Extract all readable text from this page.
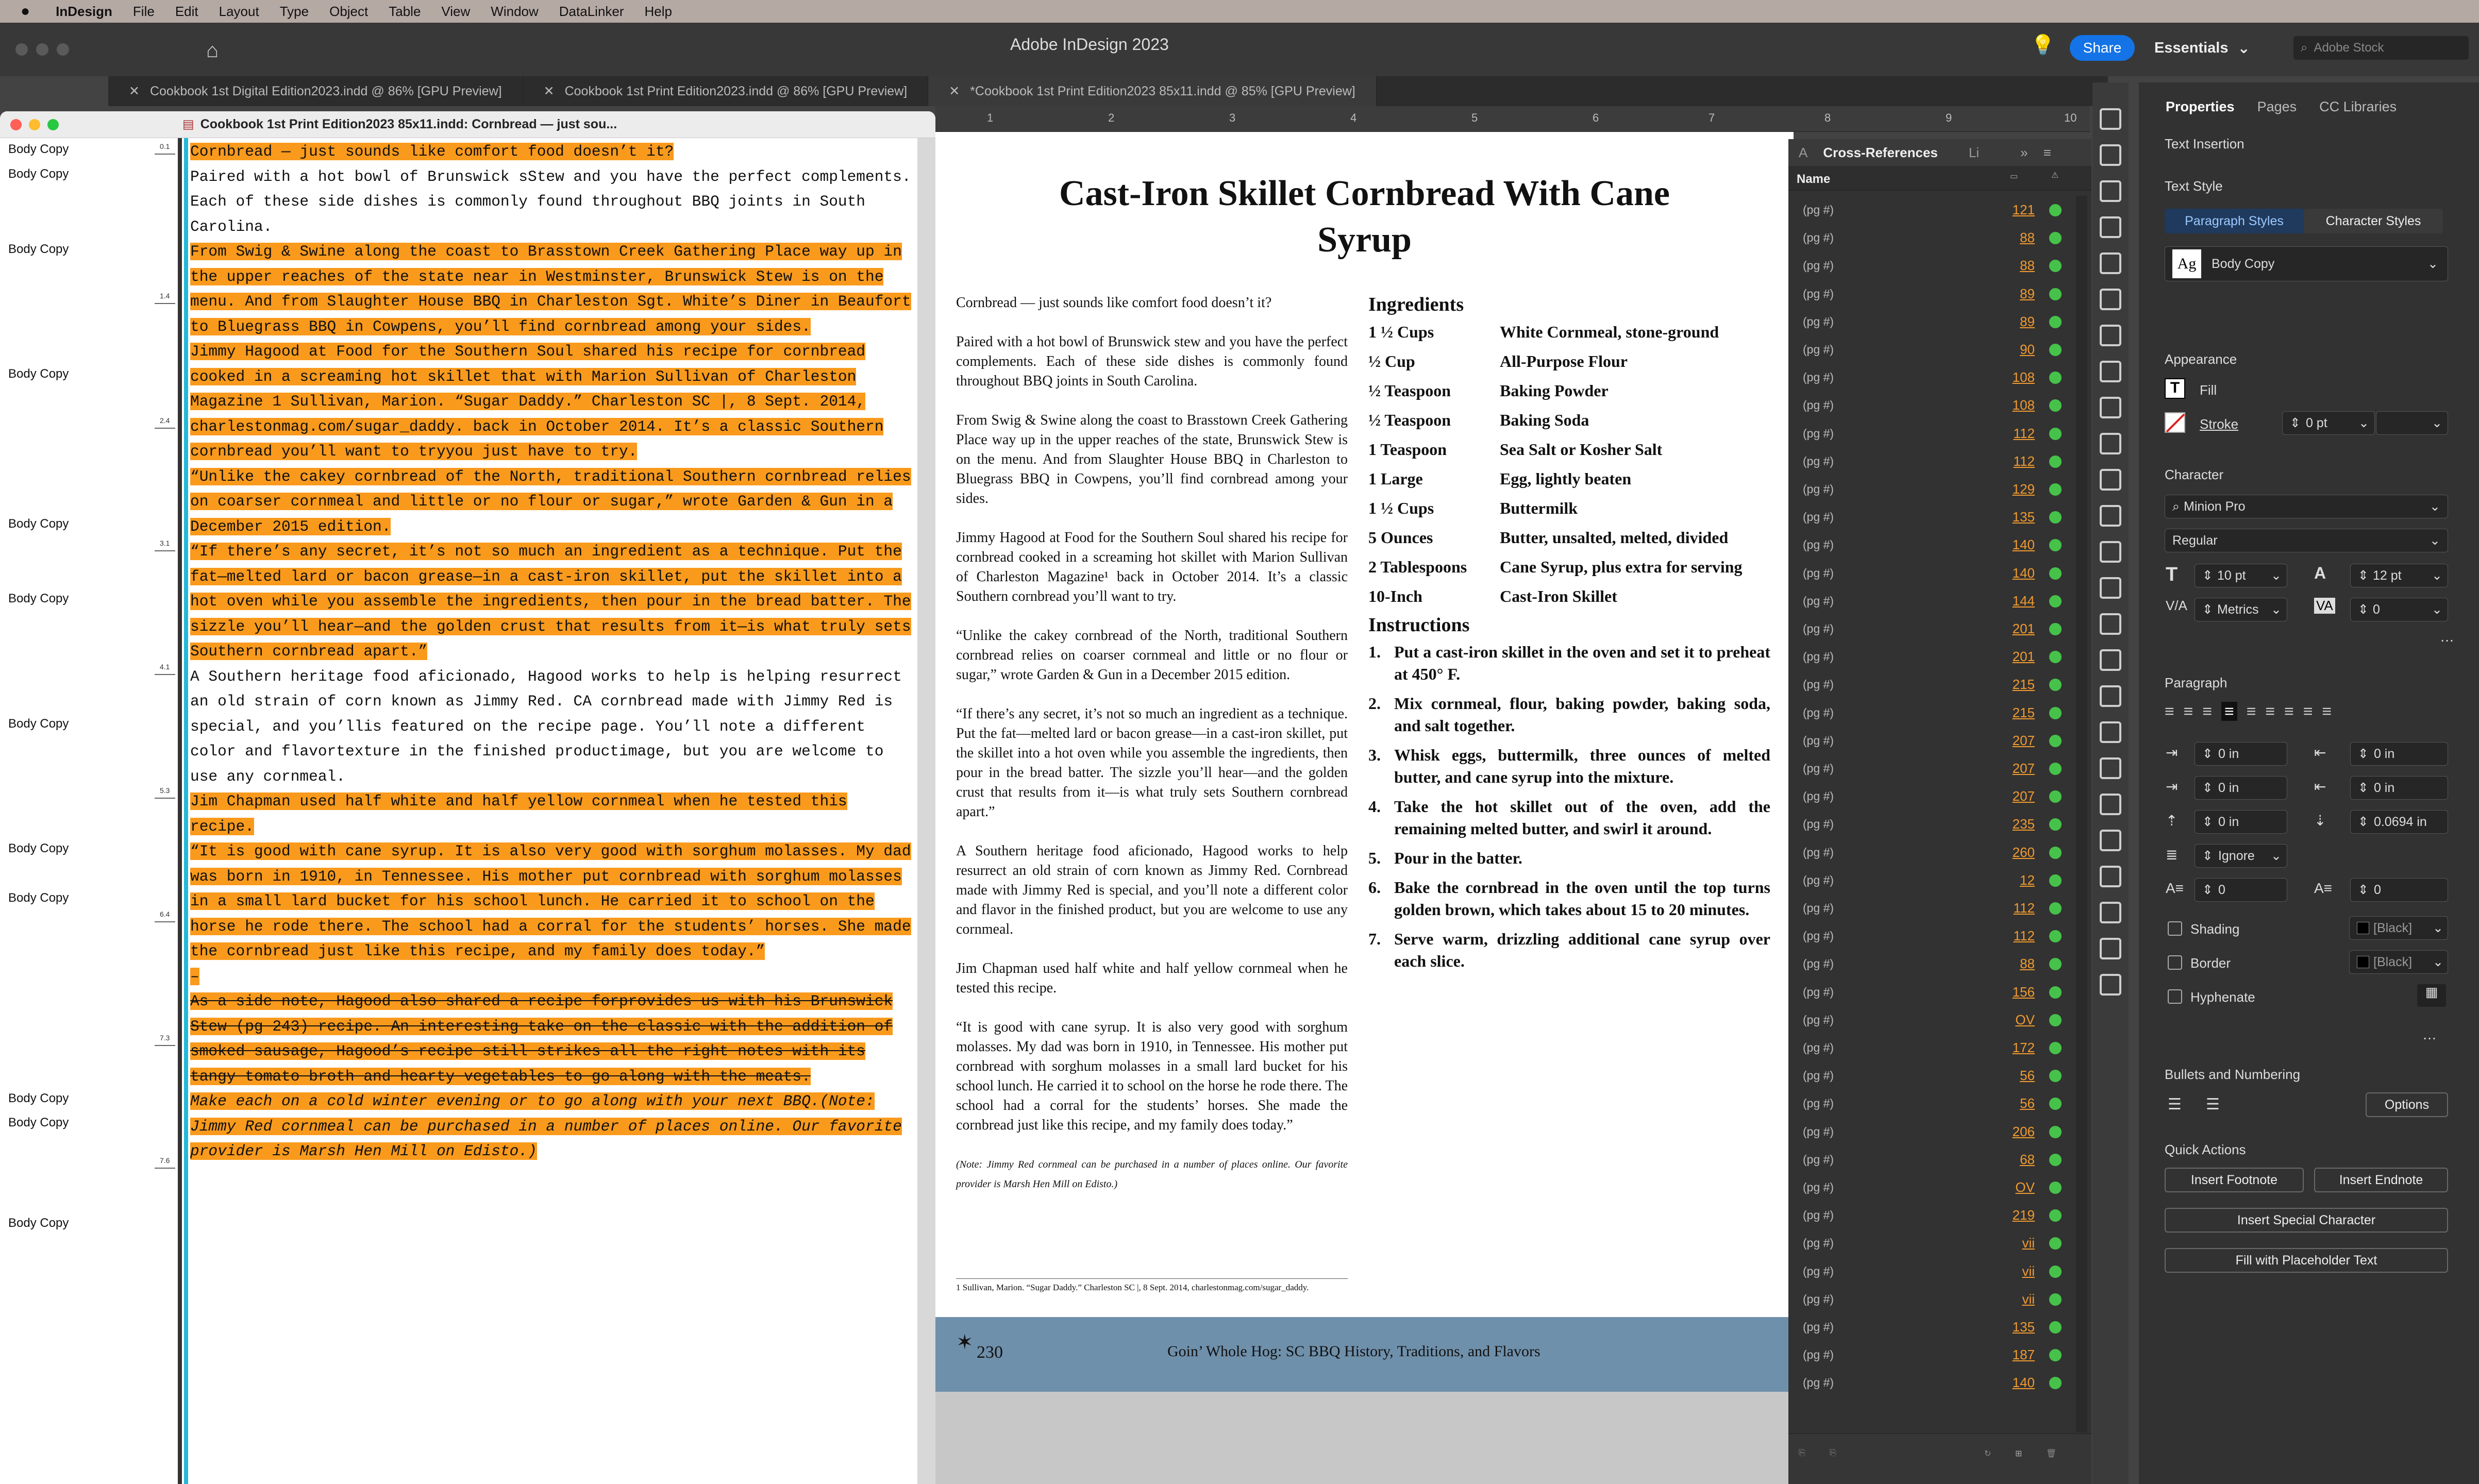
● InDesign File Edit Layout Type Object Table View Window DataLinker Help
⌂	Adobe InDesign 2023	💡	Share	Essentials ⌄	⌕ Adobe Stock
✕ Cookbook 1st Digital Edition2023.indd @ 86% [GPU Preview]	✕ Cookbook 1st Print Edition2023.indd @ 86% [GPU Preview]	✕ *Cookbook 1st Print Edition2023 85x11.indd @ 85% [GPU Preview]
1	2	3	4	5	6	7	8	9	10
Cast-Iron Skillet Cornbread With Cane Syrup

Cornbread — just sounds like comfort food doesn’t it?

Paired with a hot bowl of Brunswick stew and you have the perfect complements. Each of these side dishes is commonly found throughout BBQ joints in South Carolina.

From Swig & Swine along the coast to Brasstown Creek Gathering Place way up in the upper reaches of the state, Brunswick Stew is on the menu. And from Slaughter House BBQ in Charleston to Bluegrass BBQ in Cowpens, you’ll find cornbread among your sides.

Jimmy Hagood at Food for the Southern Soul shared his recipe for cornbread cooked in a screaming hot skillet with Marion Sullivan of Charleston Magazine¹ back in October 2014. It’s a classic Southern cornbread you’ll want to try.

“Unlike the cakey cornbread of the North, traditional Southern cornbread relies on coarser cornmeal and little or no flour or sugar,” wrote Garden & Gun in a December 2015 edition.

“If there’s any secret, it’s not so much an ingredient as a technique. Put the fat—melted lard or bacon grease—in a cast-iron skillet, put the skillet into a hot oven while you assemble the ingredients, then pour in the bread batter. The sizzle you’ll hear—and the golden crust that results from it—is what truly sets Southern cornbread apart.”

A Southern heritage food aficionado, Hagood works to help resurrect an old strain of corn known as Jimmy Red. Cornbread made with Jimmy Red is special, and you’ll note a different color and flavor in the finished product, but you are welcome to use any cornmeal.

Jim Chapman used half white and half yellow cornmeal when he tested this recipe.

“It is good with cane syrup. It is also very good with sorghum molasses. My dad was born in 1910, in Tennessee. His mother put cornbread with sorghum molasses in a small lard bucket for his school lunch. He carried it to school on the horse he rode there. The school had a corral for the students’ horses. She made the cornbread just like this recipe, and my family does today.”

(Note: Jimmy Red cornmeal can be purchased in a number of places online. Our favorite provider is Marsh Hen Mill on Edisto.)

1 Sullivan, Marion. “Sugar Daddy.” Charleston SC |, 8 Sept. 2014, charlestonmag.com/sugar_daddy.
Ingredients
1 ½ Cups	White Cornmeal, stone-ground
½ Cup	All-Purpose Flour
½ Teaspoon	Baking Powder
½ Teaspoon	Baking Soda
1 Teaspoon	Sea Salt or Kosher Salt
1 Large	Egg, lightly beaten
1 ½ Cups	Buttermilk
5 Ounces	Butter, unsalted, melted, divided
2 Tablespoons	Cane Syrup, plus extra for serving
10-Inch	Cast-Iron Skillet
Instructions
1. Put a cast-iron skillet in the oven and set it to preheat at 450° F.
2. Mix cornmeal, flour, baking powder, baking soda, and salt together.
3. Whisk eggs, buttermilk, three ounces of melted butter, and cane syrup into the mixture.
4. Take the hot skillet out of the oven, add the remaining melted butter, and swirl it around.
5. Pour in the batter.
6. Bake the cornbread in the oven until the top turns golden brown, which takes about 15 to 20 minutes.
7. Serve warm, drizzling additional cane syrup over each slice.
✶ 230	Goin’ Whole Hog: SC BBQ History, Traditions, and Flavors
▤ Cookbook 1st Print Edition2023 85x11.indd: Cornbread — just sou...
Body Copy
Body Copy
Body Copy
Body Copy
Body Copy
Body Copy
Body Copy
Body Copy
Body Copy
Body Copy
Body Copy
Body Copy
0.1
1.4
2.4
3.1
4.1
5.3
6.4
7.3
7.6

Cornbread — just sounds like comfort food doesn’t it?

Paired with a hot bowl of Brunswick sStew and you have the perfect complements. Each of these side dishes is commonly found throughout BBQ joints in South Carolina.

From Swig & Swine along the coast to Brasstown Creek Gathering Place way up in the upper reaches of the state near in Westminster, Brunswick Stew is on the menu. And from Slaughter House BBQ in Charleston Sgt. White’s Diner in Beaufort to Bluegrass BBQ in Cowpens, you’ll find cornbread among your sides.

Jimmy Hagood at Food for the Southern Soul shared his recipe for cornbread cooked in a screaming hot skillet that with Marion Sullivan of Charleston Magazine 1 Sullivan, Marion. “Sugar Daddy.” Charleston SC |, 8 Sept. 2014, charlestonmag.com/sugar_daddy. back in October 2014. It’s a classic Southern cornbread you’ll want to tryyou just have to try.

“Unlike the cakey cornbread of the North, traditional Southern cornbread relies on coarser cornmeal and little or no flour or sugar,” wrote Garden & Gun in a December 2015 edition.

“If there’s any secret, it’s not so much an ingredient as a technique. Put the fat—melted lard or bacon grease—in a cast-iron skillet, put the skillet into a hot oven while you assemble the ingredients, then pour in the bread batter. The sizzle you’ll hear—and the golden crust that results from it—is what truly sets Southern cornbread apart.”

A Southern heritage food aficionado, Hagood works to help is helping resurrect an old strain of corn known as Jimmy Red. CA cornbread made with Jimmy Red is special, and you’llis featured on the recipe page. You’ll note a different color and flavortexture in the finished productimage, but you are welcome to use any cornmeal.

Jim Chapman used half white and half yellow cornmeal when he tested this recipe.

“It is good with cane syrup. It is also very good with sorghum molasses. My dad was born in 1910, in Tennessee. His mother put cornbread with sorghum molasses in a small lard bucket for his school lunch. He carried it to school on the horse he rode there. The school had a corral for the students’ horses. She made the cornbread just like this recipe, and my family does today.”

–

As a side note, Hagood also shared a recipe forprovides us with his Brunswick Stew (pg 243) recipe. An interesting take on the classic with the addition of smoked sausage, Hagood’s recipe still strikes all the right notes with its tangy tomato broth and hearty vegetables to go along with the meats.

Make each on a cold winter evening or to go along with your next BBQ.(Note: Jimmy Red cornmeal can be purchased in a number of places online. Our favorite provider is Marsh Hen Mill on Edisto.)

A Cross-References Li	» ≡
Name	▭	⚠
(pg #)	121
(pg #)	88
(pg #)	88
(pg #)	89
(pg #)	89
(pg #)	90
(pg #)	108
(pg #)	108
(pg #)	112
(pg #)	112
(pg #)	129
(pg #)	135
(pg #)	140
(pg #)	140
(pg #)	144
(pg #)	201
(pg #)	201
(pg #)	215
(pg #)	215
(pg #)	207
(pg #)	207
(pg #)	207
(pg #)	235
(pg #)	260
(pg #)	12
(pg #)	112
(pg #)	112
(pg #)	88
(pg #)	156
(pg #)	OV
(pg #)	172
(pg #)	56
(pg #)	56
(pg #)	206
(pg #)	68
(pg #)	OV
(pg #)	219
(pg #)	vii
(pg #)	vii
(pg #)	vii
(pg #)	135
(pg #)	187
(pg #)	140
⎘	⎘	↻	⊞	🗑
Properties Pages CC Libraries
Text Insertion
Text Style
Paragraph Styles	Character Styles
Ag	Body Copy	⌄
Appearance
T	Fill
Stroke	⇕ 0 pt ⌄	⌄
Character
⌕ Minion Pro	⌄
Regular	⌄
T ⇕ 10 pt ⌄ A ⇕ 12 pt ⌄
V/A ⇕ Metrics ⌄	VA ⇕ 0	⌄
…
Paragraph
≡ ≡ ≡ ≡ ≡ ≡ ≡ ≡ ≡
⇥ ⇕ 0 in	⇤ ⇕ 0 in
⇥ ⇕ 0 in	⇤ ⇕ 0 in
⇡ ⇕ 0 in	⇣ ⇕ 0.0694 in
≣ ⇕ Ignore ⌄
A≡ ⇕ 0	A≡ ⇕ 0
Shading	[Black] ⌄
Border	[Black] ⌄
Hyphenate	▦
…
Bullets and Numbering
☰ ☰	Options
Quick Actions
Insert Footnote	Insert Endnote
Insert Special Character
Fill with Placeholder Text
